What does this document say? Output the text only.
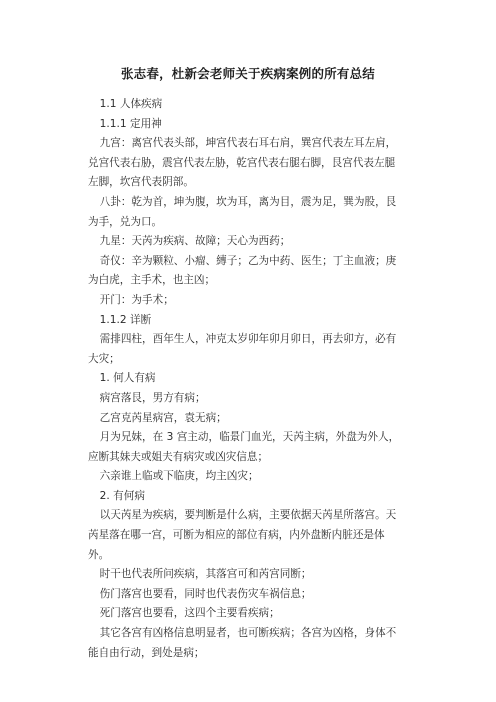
张志春，杜新会老师关于疾病案例的所有总结

1.1 人体疾病

1.1.1 定用神

九宫：离宫代表头部，坤宫代表右耳右肩，巽宫代表左耳左肩，兑宫代表右胁，震宫代表左胁，乾宫代表右腿右脚，艮宫代表左腿左脚，坎宫代表阴部。

八卦：乾为首，坤为腹，坎为耳，离为目，震为足，巽为股，艮为手，兑为口。

九星：天芮为疾病、故障；天心为西药；

奇仪：辛为颗粒、小瘤、縳子；乙为中药、医生；丁主血液；庚为白虎，主手术，也主凶；

开门：为手术；

1.1.2 详断

需排四柱，酉年生人，冲克太岁卯年卯月卯日，再去卯方，必有大灾；

1. 何人有病

病宫落艮，男方有病；

乙宫克芮星病宫，袁无病；

月为兄妹，在 3 宫主动，临景门血光，天芮主病，外盘为外人，应断其妹夫或姐夫有病灾或凶灾信息；

六亲谁上临或下临庚，均主凶灾；

2. 有何病

以天芮星为疾病，要判断是什么病，主要依据天芮星所落宫。天芮星落在哪一宫，可断为相应的部位有病，内外盘断内脏还是体外。

时干也代表所问疾病，其落宫可和芮宫同断；

伤门落宫也要看，同时也代表伤灾车祸信息；

死门落宫也要看，这四个主要看疾病；

其它各宫有凶格信息明显者，也可断疾病；各宫为凶格，身体不能自由行动，到处是病；
